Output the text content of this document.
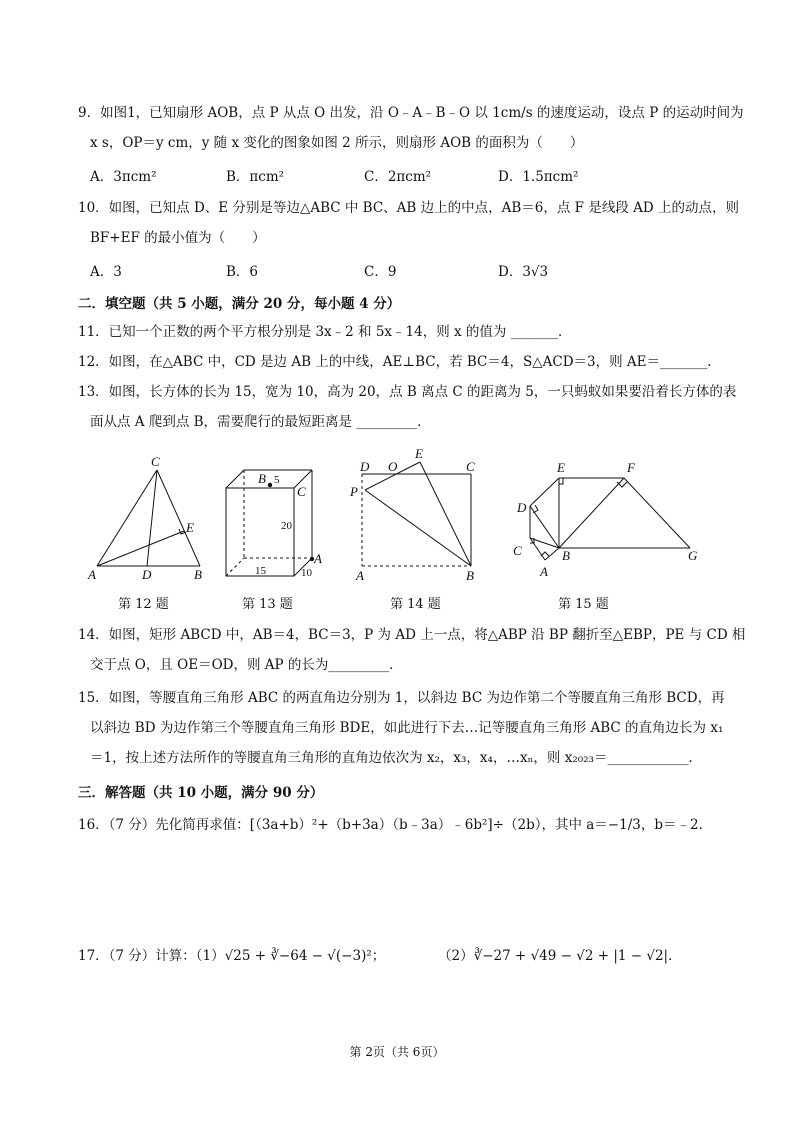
9．如图1，已知扇形 AOB，点 P 从点 O 出发，沿 O﹣A﹣B﹣O 以 1cm/s 的速度运动，设点 P 的运动时间为
x s，OP＝y cm，y 随 x 变化的图象如图 2 所示，则扇形 AOB 的面积为（　　）
A．3πcm²	B．πcm²	C．2πcm²	D．1.5πcm²
10．如图，已知点 D、E 分别是等边△ABC 中 BC、AB 边上的中点，AB＝6，点 F 是线段 AD 上的动点，则
BF+EF 的最小值为（　　）
A．3	B．6	C．9	D．3√3
二．填空题（共 5 小题，满分 20 分，每小题 4 分）
11．已知一个正数的两个平方根分别是 3x﹣2 和 5x﹣14，则 x 的值为 _______．
12．如图，在△ABC 中，CD 是边 AB 上的中线，AE⊥BC，若 BC＝4，S△ACD＝3，则 AE＝_______．
13．如图，长方体的长为 15，宽为 10，高为 20，点 B 离点 C 的距离为 5，一只蚂蚁如果要沿着长方体的表
面从点 A 爬到点 B，需要爬行的最短距离是 _________．
C
A	D	B
E
B 5
C
20
A
15	10
D O
E
C
P
A	B
E	F
D
C	B
A
G
第 12 题	第 13 题	第 14 题	第 15 题
14．如图，矩形 ABCD 中，AB＝4，BC＝3，P 为 AD 上一点，将△ABP 沿 BP 翻折至△EBP，PE 与 CD 相
交于点 O，且 OE＝OD，则 AP 的长为_________．
15．如图，等腰直角三角形 ABC 的两直角边分别为 1，以斜边 BC 为边作第二个等腰直角三角形 BCD，再
以斜边 BD 为边作第三个等腰直角三角形 BDE，如此进行下去…记等腰直角三角形 ABC 的直角边长为 x₁
＝1，按上述方法所作的等腰直角三角形的直角边依次为 x₂，x₃，x₄，…xₙ，则 x₂₀₂₃＝____________．
三．解答题（共 10 小题，满分 90 分）
16．（7 分）先化简再求值：[（3a+b）²+（b+3a）（b﹣3a）﹣6b²]÷（2b），其中 a＝−1/3，b＝﹣2．
17．（7 分）计算：（1）√25 + ∛−64 − √(−3)²；	（2）∛−27 + √49 − √2 + |1 − √2|．
第 2页（共 6页）
